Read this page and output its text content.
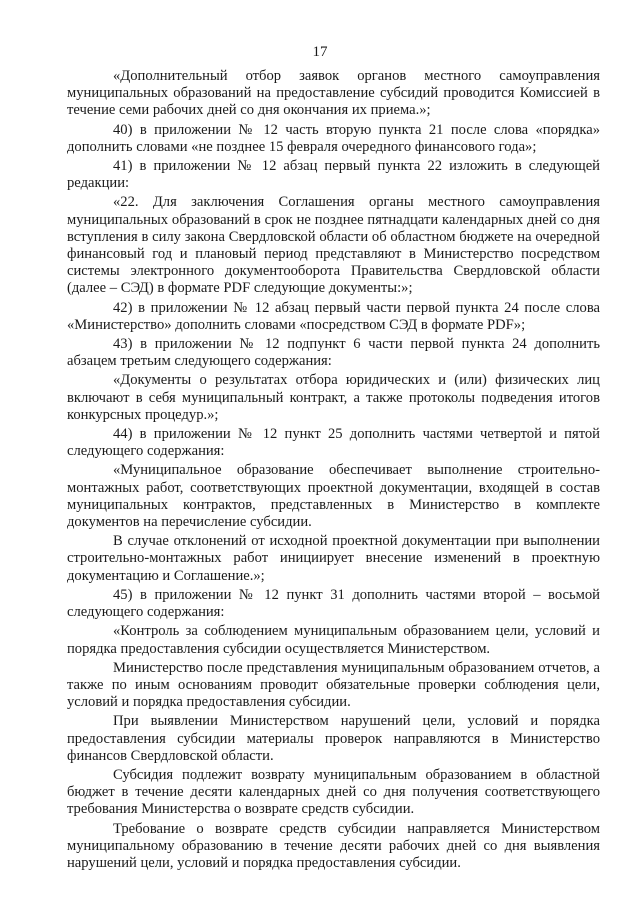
17

«Дополнительный отбор заявок органов местного самоуправления муниципальных образований на предоставление субсидий проводится Комиссией в течение семи рабочих дней со дня окончания их приема.»;

40) в приложении № 12 часть вторую пункта 21 после слова «порядка» дополнить словами «не позднее 15 февраля очередного финансового года»;

41) в приложении № 12 абзац первый пункта 22 изложить в следующей редакции:

«22. Для заключения Соглашения органы местного самоуправления муниципальных образований в срок не позднее пятнадцати календарных дней со дня вступления в силу закона Свердловской области об областном бюджете на очередной финансовый год и плановый период представляют в Министерство посредством системы электронного документооборота Правительства Свердловской области (далее – СЭД) в формате PDF следующие документы:»;

42) в приложении № 12 абзац первый части первой пункта 24 после слова «Министерство» дополнить словами «посредством СЭД в формате PDF»;

43) в приложении № 12 подпункт 6 части первой пункта 24 дополнить абзацем третьим следующего содержания:

«Документы о результатах отбора юридических и (или) физических лиц включают в себя муниципальный контракт, а также протоколы подведения итогов конкурсных процедур.»;

44) в приложении № 12 пункт 25 дополнить частями четвертой и пятой следующего содержания:

«Муниципальное образование обеспечивает выполнение строительно-монтажных работ, соответствующих проектной документации, входящей в состав муниципальных контрактов, представленных в Министерство в комплекте документов на перечисление субсидии.

В случае отклонений от исходной проектной документации при выполнении строительно-монтажных работ инициирует внесение изменений в проектную документацию и Соглашение.»;

45) в приложении № 12 пункт 31 дополнить частями второй – восьмой следующего содержания:

«Контроль за соблюдением муниципальным образованием цели, условий и порядка предоставления субсидии осуществляется Министерством.

Министерство после представления муниципальным образованием отчетов, а также по иным основаниям проводит обязательные проверки соблюдения цели, условий и порядка предоставления субсидии.

При выявлении Министерством нарушений цели, условий и порядка предоставления субсидии материалы проверок направляются в Министерство финансов Свердловской области.

Субсидия подлежит возврату муниципальным образованием в областной бюджет в течение десяти календарных дней со дня получения соответствующего требования Министерства о возврате средств субсидии.

Требование о возврате средств субсидии направляется Министерством муниципальному образованию в течение десяти рабочих дней со дня выявления нарушений цели, условий и порядка предоставления субсидии.
